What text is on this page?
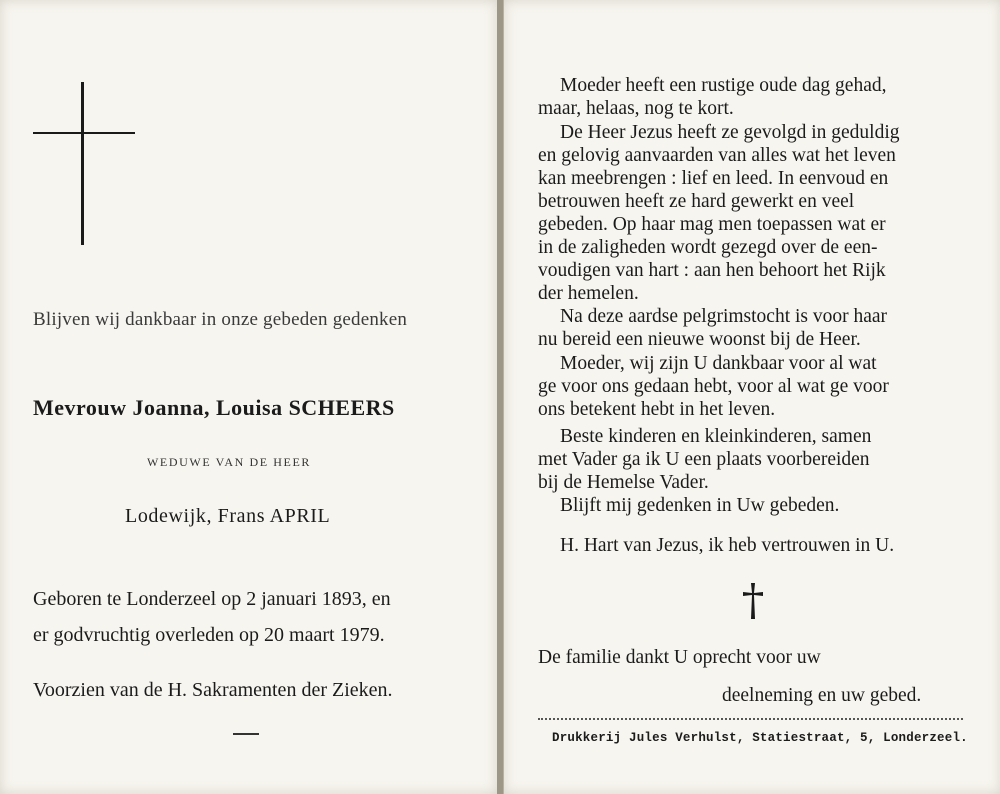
Blijven wij dankbaar in onze gebeden gedenken
Mevrouw Joanna, Louisa SCHEERS
WEDUWE VAN DE HEER
Lodewijk, Frans APRIL
Geboren te Londerzeel op 2 januari 1893, en
er godvruchtig overleden op 20 maart 1979.
Voorzien van de H. Sakramenten der Zieken.
Moeder heeft een rustige oude dag gehad,
maar, helaas, nog te kort.
De Heer Jezus heeft ze gevolgd in geduldig
en gelovig aanvaarden van alles wat het leven
kan meebrengen : lief en leed. In eenvoud en
betrouwen heeft ze hard gewerkt en veel
gebeden. Op haar mag men toepassen wat er
in de zaligheden wordt gezegd over de een-
voudigen van hart : aan hen behoort het Rijk
der hemelen.
Na deze aardse pelgrimstocht is voor haar
nu bereid een nieuwe woonst bij de Heer.
Moeder, wij zijn U dankbaar voor al wat
ge voor ons gedaan hebt, voor al wat ge voor
ons betekent hebt in het leven.
Beste kinderen en kleinkinderen, samen
met Vader ga ik U een plaats voorbereiden
bij de Hemelse Vader.
Blijft mij gedenken in Uw gebeden.
H. Hart van Jezus, ik heb vertrouwen in U.
De familie dankt U oprecht voor uw
deelneming en uw gebed.
Drukkerij Jules Verhulst, Statiestraat, 5, Londerzeel.
